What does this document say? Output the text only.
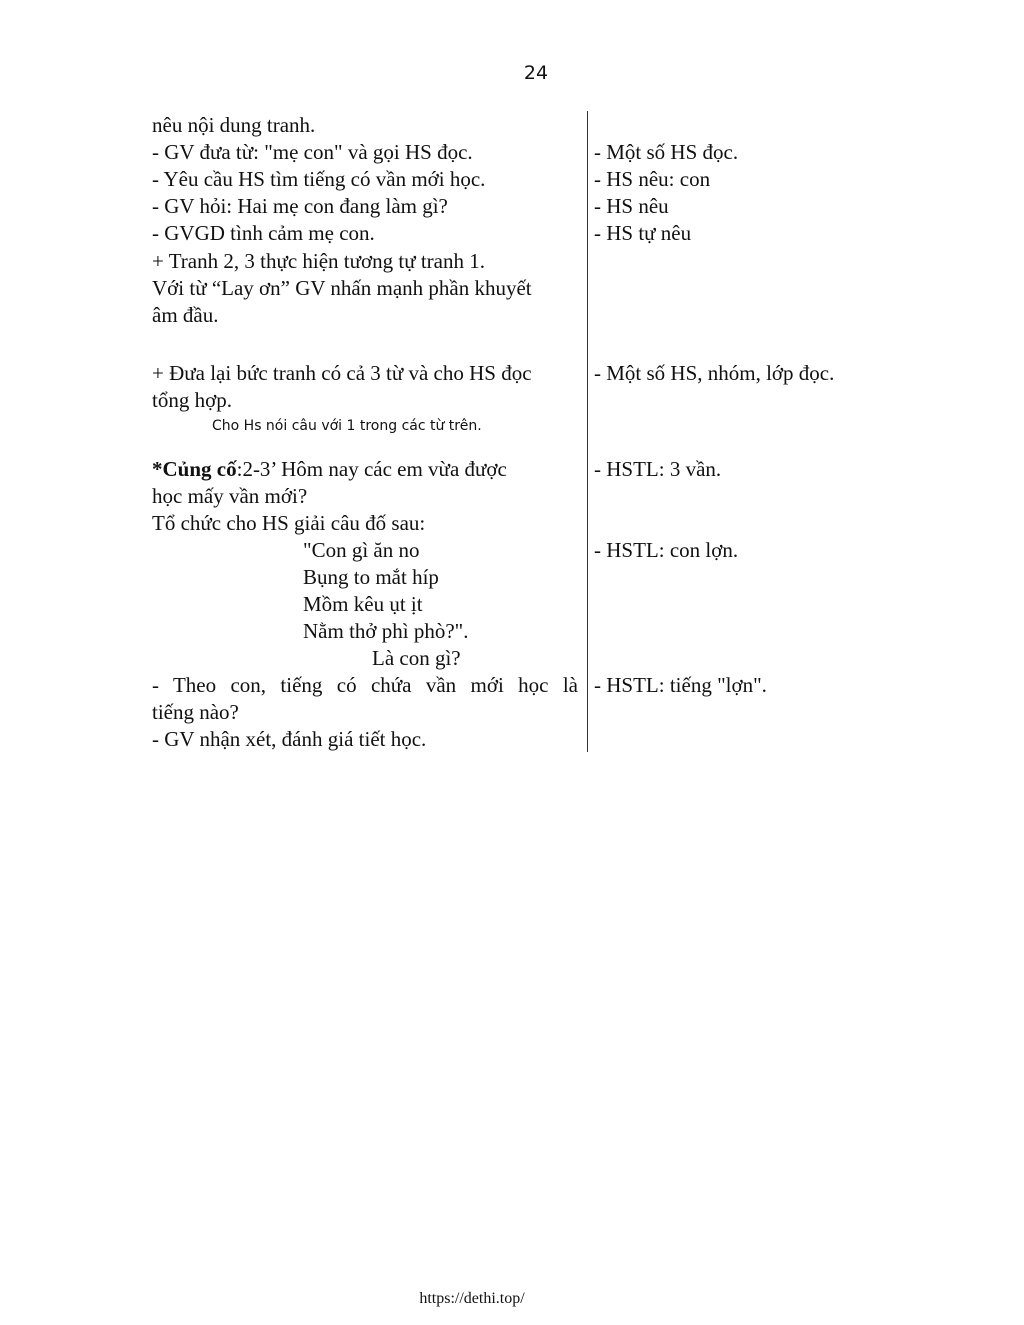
24
nêu nội dung tranh.
- GV đưa từ: "mẹ con" và gọi HS đọc.
- Yêu cầu HS tìm tiếng có vần mới học.
- GV hỏi: Hai mẹ con đang làm gì?
- GVGD tình cảm mẹ con.
+ Tranh 2, 3 thực hiện tương tự tranh 1.
Với từ “Lay ơn” GV nhấn mạnh phần khuyết
âm đầu.
+ Đưa lại bức tranh có cả 3 từ và cho HS đọc
tổng hợp.
Cho Hs nói câu với 1 trong các từ trên.
*Củng cố:2-3’ Hôm nay các em vừa được
học mấy vần mới?
Tổ chức cho HS giải câu đố sau:
"Con gì ăn no
Bụng to mắt híp
Mồm kêu ụt ịt
Nằm thở phì phò?".
Là con gì?
- Theo con, tiếng có chứa vần mới học là
tiếng nào?
- GV nhận xét, đánh giá tiết học.
- Một số HS đọc.
- HS nêu: con
- HS nêu
- HS tự nêu
- Một số HS, nhóm, lớp đọc.
- HSTL: 3 vần.
- HSTL: con lợn.
- HSTL: tiếng "lợn".
https://dethi.top/
